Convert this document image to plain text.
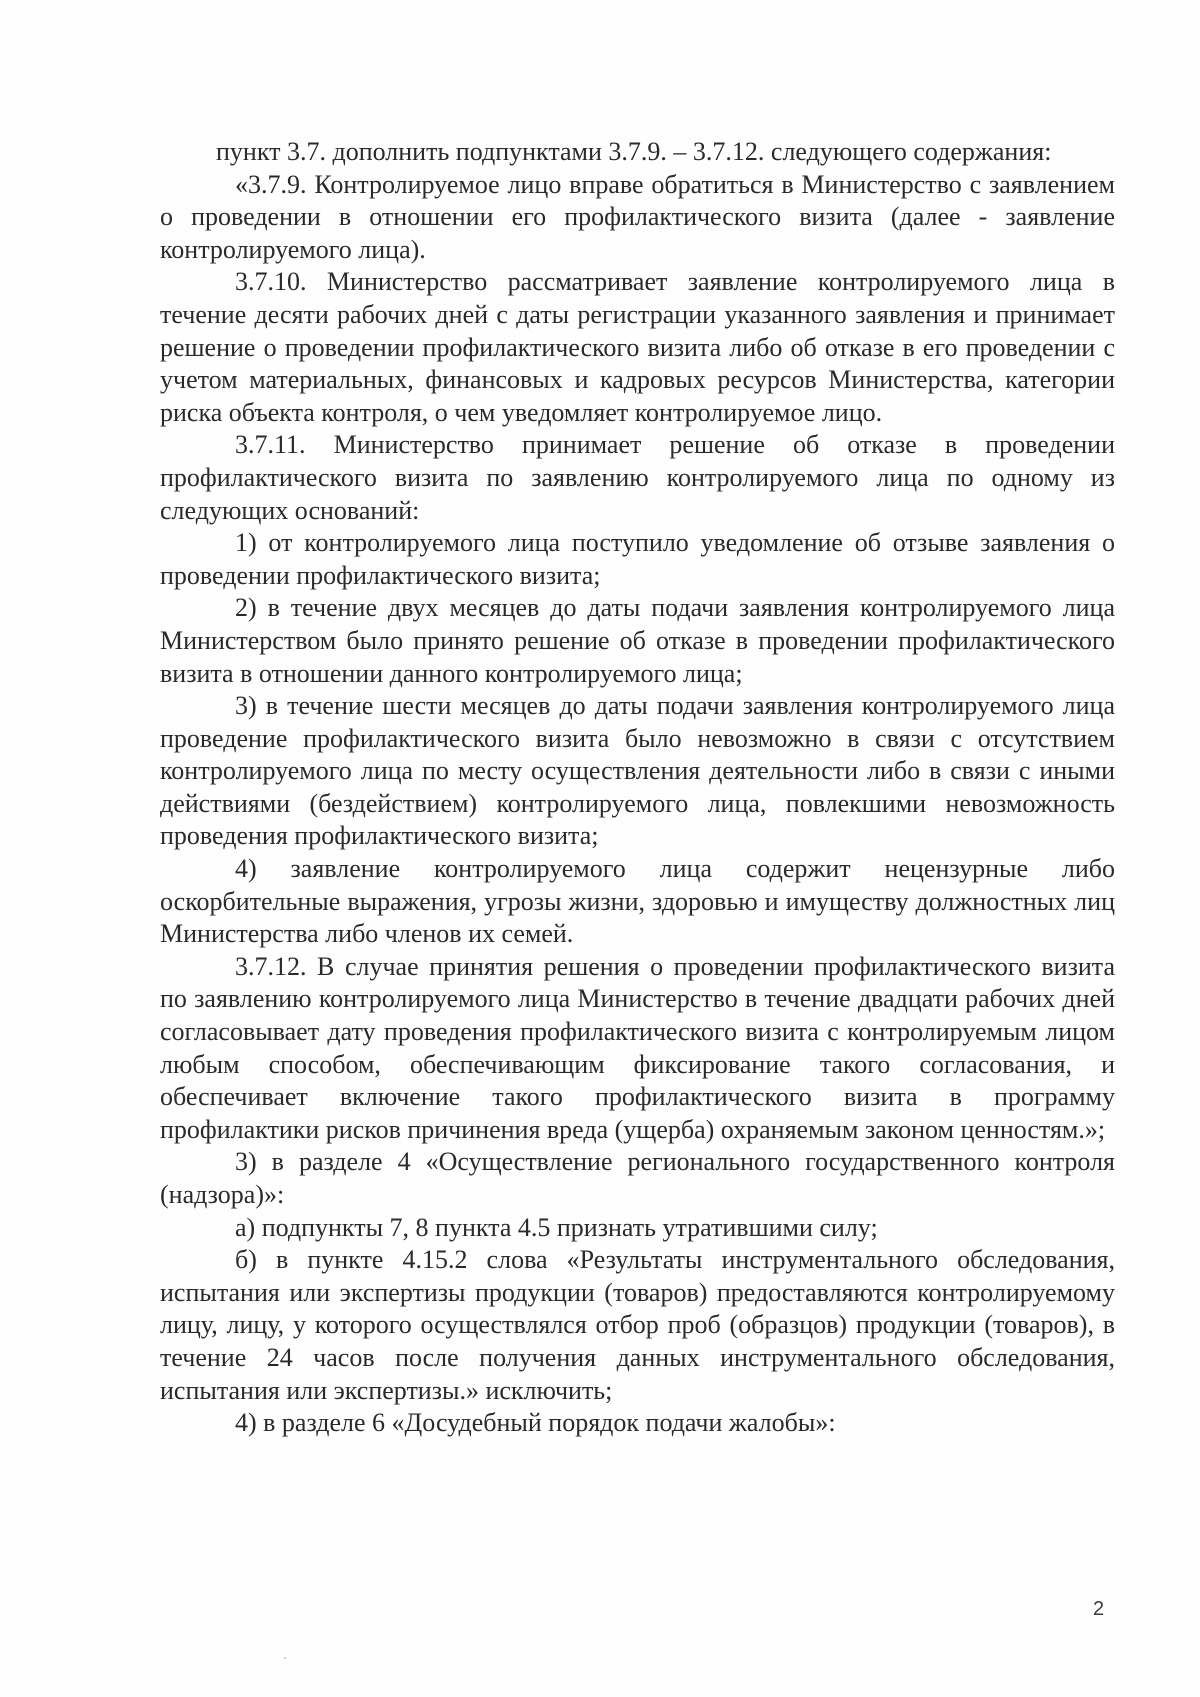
пункт 3.7. дополнить подпунктами 3.7.9. – 3.7.12. следующего содержания:

«3.7.9. Контролируемое лицо вправе обратиться в Министерство с заявлением о проведении в отношении его профилактического визита (далее - заявление контролируемого лица).

3.7.10. Министерство рассматривает заявление контролируемого лица в течение десяти рабочих дней с даты регистрации указанного заявления и принимает решение о проведении профилактического визита либо об отказе в его проведении с учетом материальных, финансовых и кадровых ресурсов Министерства, категории риска объекта контроля, о чем уведомляет контролируемое лицо.

3.7.11. Министерство принимает решение об отказе в проведении профилактического визита по заявлению контролируемого лица по одному из следующих оснований:

1) от контролируемого лица поступило уведомление об отзыве заявления о проведении профилактического визита;

2) в течение двух месяцев до даты подачи заявления контролируемого лица Министерством было принято решение об отказе в проведении профилактического визита в отношении данного контролируемого лица;

3) в течение шести месяцев до даты подачи заявления контролируемого лица проведение профилактического визита было невозможно в связи с отсутствием контролируемого лица по месту осуществления деятельности либо в связи с иными действиями (бездействием) контролируемого лица, повлекшими невозможность проведения профилактического визита;

4) заявление контролируемого лица содержит нецензурные либо оскорбительные выражения, угрозы жизни, здоровью и имуществу должностных лиц Министерства либо членов их семей.

3.7.12. В случае принятия решения о проведении профилактического визита по заявлению контролируемого лица Министерство в течение двадцати рабочих дней согласовывает дату проведения профилактического визита с контролируемым лицом любым способом, обеспечивающим фиксирование такого согласования, и обеспечивает включение такого профилактического визита в программу профилактики рисков причинения вреда (ущерба) охраняемым законом ценностям.»;

3) в разделе 4 «Осуществление регионального государственного контроля (надзора)»:

а) подпункты 7, 8 пункта 4.5 признать утратившими силу;

б) в пункте 4.15.2 слова «Результаты инструментального обследования, испытания или экспертизы продукции (товаров) предоставляются контролируемому лицу, лицу, у которого осуществлялся отбор проб (образцов) продукции (товаров), в течение 24 часов после получения данных инструментального обследования, испытания или экспертизы.» исключить;

4) в разделе 6 «Досудебный порядок подачи жалобы»:

2
